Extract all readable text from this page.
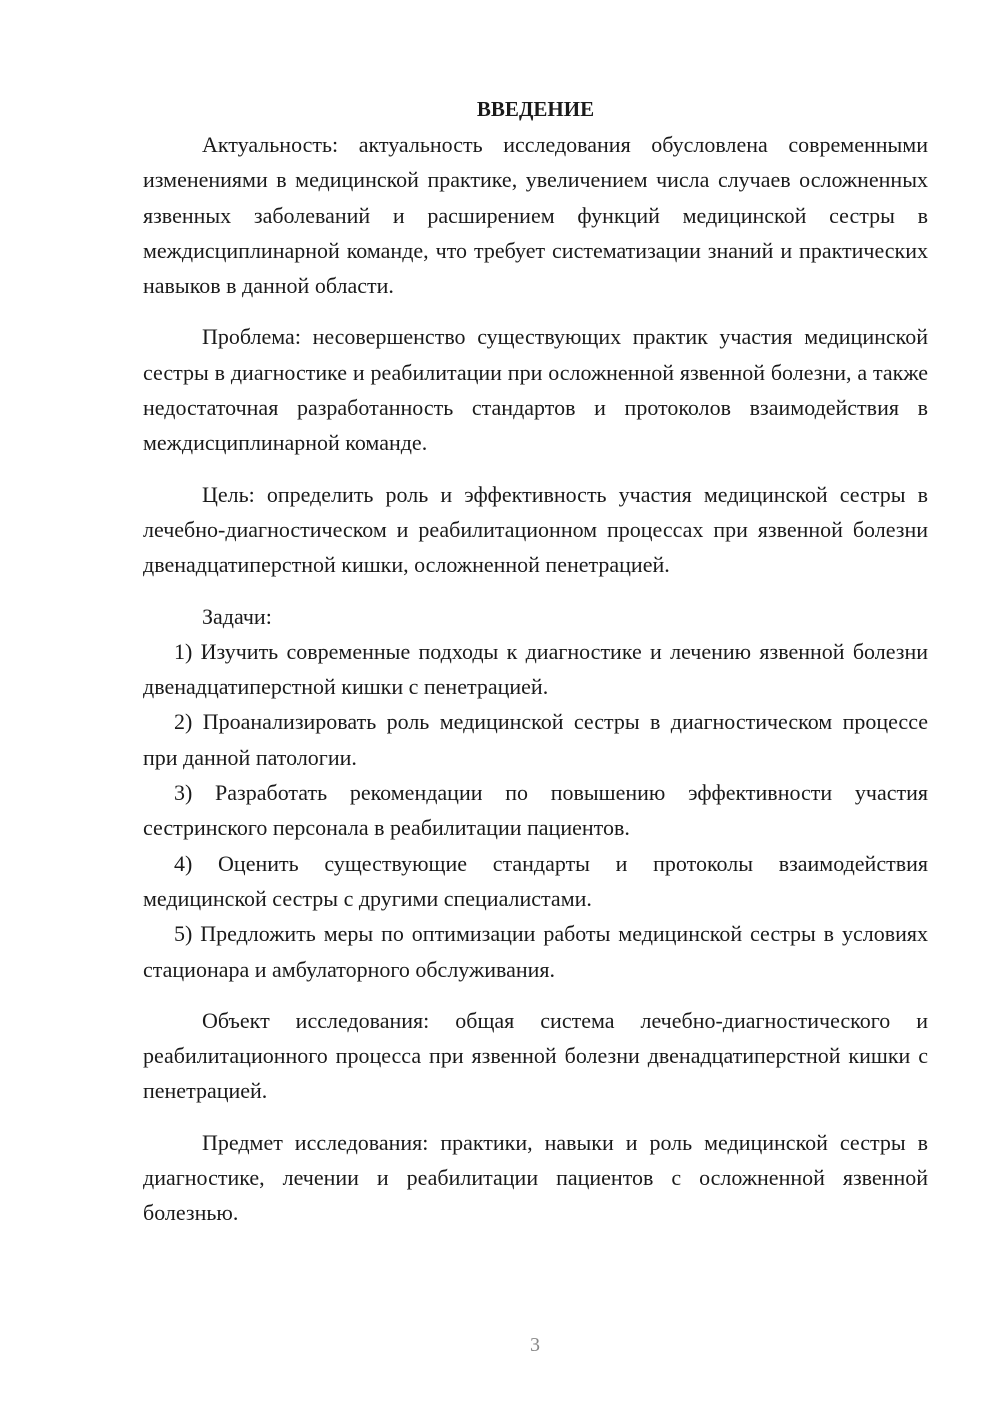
ВВЕДЕНИЕ

Актуальность: актуальность исследования обусловлена современными изменениями в медицинской практике, увеличением числа случаев осложненных язвенных заболеваний и расширением функций медицинской сестры в междисциплинарной команде, что требует систематизации знаний и практических навыков в данной области.

Проблема: несовершенство существующих практик участия медицинской сестры в диагностике и реабилитации при осложненной язвенной болезни, а также недостаточная разработанность стандартов и протоколов взаимодействия в междисциплинарной команде.

Цель: определить роль и эффективность участия медицинской сестры в лечебно-диагностическом и реабилитационном процессах при язвенной болезни двенадцатиперстной кишки, осложненной пенетрацией.

Задачи:

1) Изучить современные подходы к диагностике и лечению язвенной болезни двенадцатиперстной кишки с пенетрацией.

2) Проанализировать роль медицинской сестры в диагностическом процессе при данной патологии.

3) Разработать рекомендации по повышению эффективности участия сестринского персонала в реабилитации пациентов.

4) Оценить существующие стандарты и протоколы взаимодействия медицинской сестры с другими специалистами.

5) Предложить меры по оптимизации работы медицинской сестры в условиях стационара и амбулаторного обслуживания.

Объект исследования: общая система лечебно-диагностического и реабилитационного процесса при язвенной болезни двенадцатиперстной кишки с пенетрацией.

Предмет исследования: практики, навыки и роль медицинской сестры в диагностике, лечении и реабилитации пациентов с осложненной язвенной болезнью.

3
